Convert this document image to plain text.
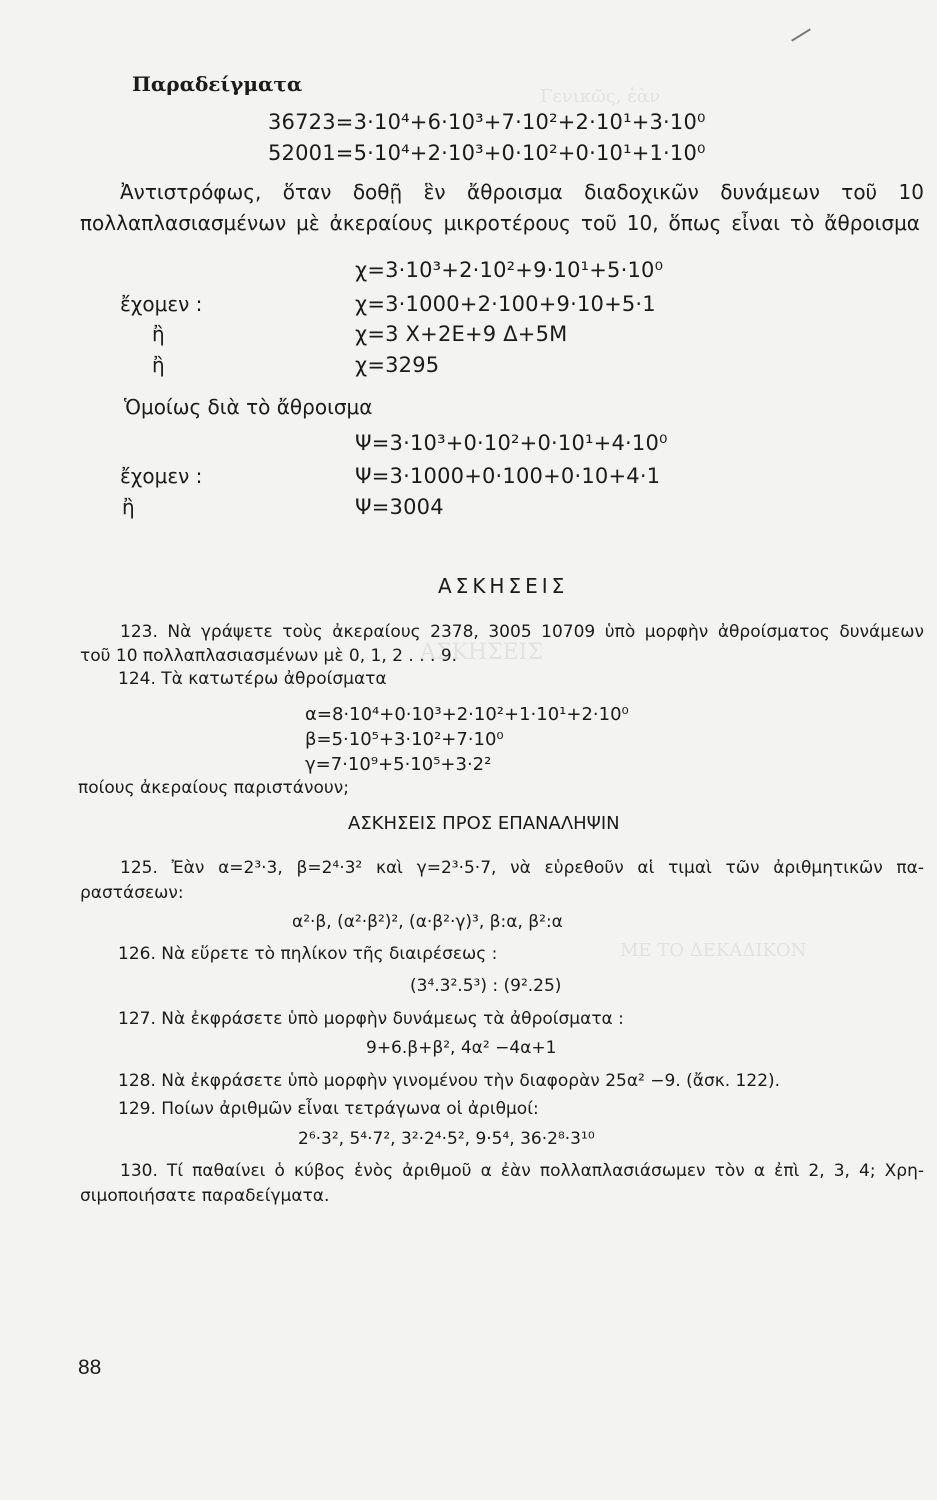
Γενικῶς, ἐὰν
ΑΣΚΗΣΕΙΣ
ΜΕ ΤΟ ΔΕΚΑΔΙΚΟΝ
Παραδείγματα
36723=3·10⁴+6·10³+7·10²+2·10¹+3·10⁰
52001=5·10⁴+2·10³+0·10²+0·10¹+1·10⁰
Ἀντιστρόφως, ὅταν δοθῇ ἓν ἄθροισμα διαδοχικῶν δυνάμεων τοῦ 10
πολλαπλασιασμένων μὲ ἀκεραίους μικροτέρους τοῦ 10, ὅπως εἶναι τὸ ἄθροισμα
χ=3·10³+2·10²+9·10¹+5·10⁰
ἔχομεν :	χ=3·1000+2·100+9·10+5·1
ἢ	χ=3 Χ+2Ε+9 Δ+5Μ
ἢ	χ=3295
Ὁμοίως διὰ τὸ ἄθροισμα
Ψ=3·10³+0·10²+0·10¹+4·10⁰
ἔχομεν :	Ψ=3·1000+0·100+0·10+4·1
ἢ	Ψ=3004
ΑΣΚΗΣΕΙΣ
123. Νὰ γράψετε τοὺς ἀκεραίους 2378, 3005 10709 ὑπὸ μορφὴν ἀθροίσματος δυνάμεων
τοῦ 10 πολλαπλασιασμένων μὲ 0, 1, 2 . . . 9.
124. Τὰ κατωτέρω ἀθροίσματα
α=8·10⁴+0·10³+2·10²+1·10¹+2·10⁰
β=5·10⁵+3·10²+7·10⁰
γ=7·10⁹+5·10⁵+3·2²
ποίους ἀκεραίους παριστάνουν;
ΑΣΚΗΣΕΙΣ ΠΡΟΣ ΕΠΑΝΑΛΗΨΙΝ
125. Ἐὰν α=2³·3, β=2⁴·3² καὶ γ=2³·5·7, νὰ εὑρεθοῦν αἱ τιμαὶ τῶν ἀριθμητικῶν πα-
ραστάσεων:
α²·β, (α²·β²)², (α·β²·γ)³, β:α, β²:α
126. Νὰ εὕρετε τὸ πηλίκον τῆς διαιρέσεως :
(3⁴.3².5³) : (9².25)
127. Νὰ ἐκφράσετε ὑπὸ μορφὴν δυνάμεως τὰ ἀθροίσματα :
9+6.β+β², 4α² −4α+1
128. Νὰ ἐκφράσετε ὑπὸ μορφὴν γινομένου τὴν διαφορὰν 25α² −9. (ἄσκ. 122).
129. Ποίων ἀριθμῶν εἶναι τετράγωνα οἱ ἀριθμοί:
2⁶·3², 5⁴·7², 3²·2⁴·5², 9·5⁴, 36·2⁸·3¹⁰
130. Τί παθαίνει ὁ κύβος ἑνὸς ἀριθμοῦ α ἐὰν πολλαπλασιάσωμεν τὸν α ἐπὶ 2, 3, 4; Χρη-
σιμοποιήσατε παραδείγματα.
88
